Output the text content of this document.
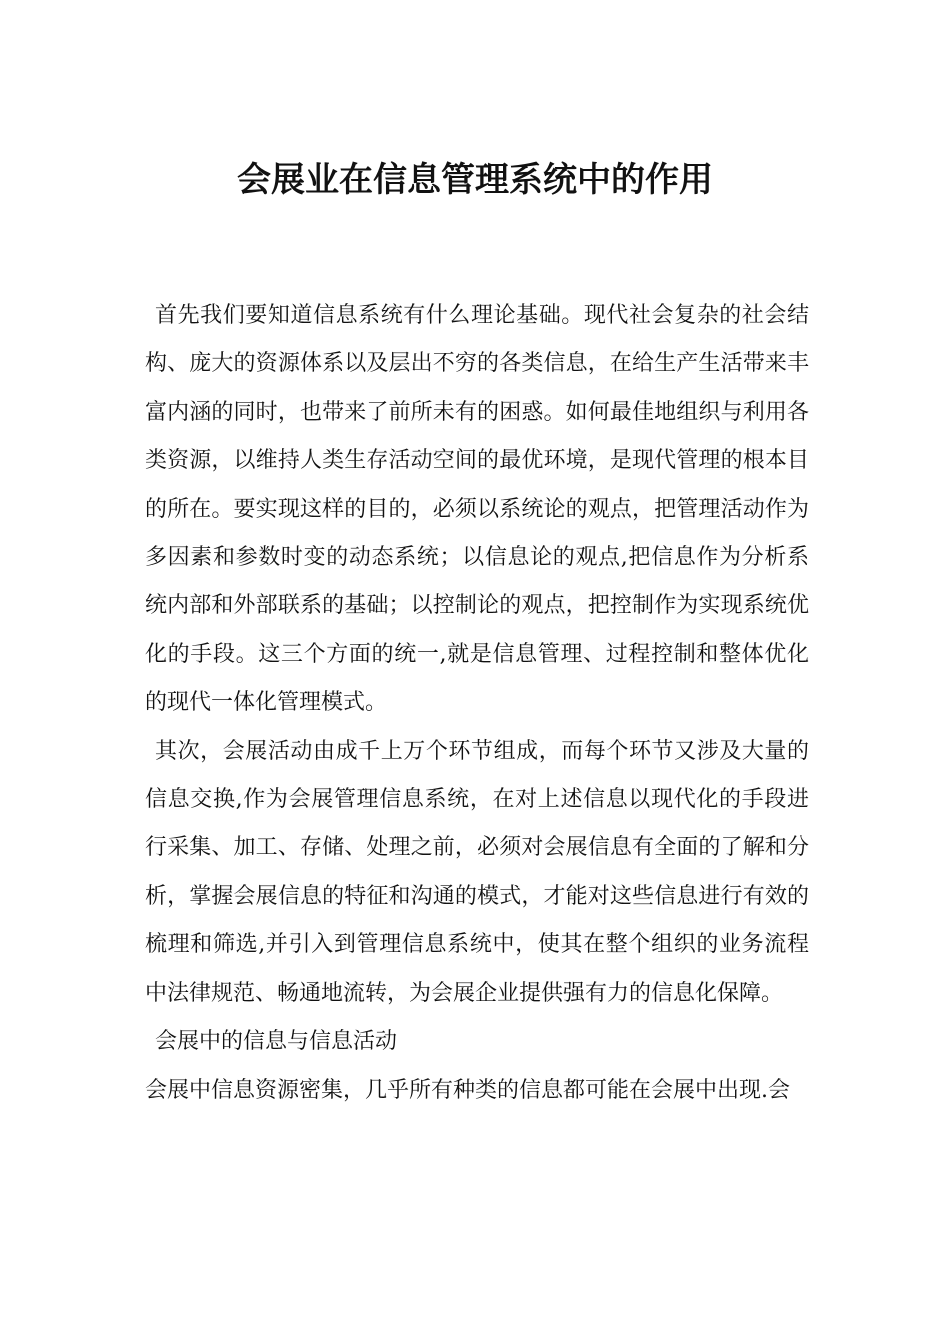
会展业在信息管理系统中的作用

首先我们要知道信息系统有什么理论基础。现代社会复杂的社会结构、庞大的资源体系以及层出不穷的各类信息，在给生产生活带来丰富内涵的同时，也带来了前所未有的困惑。如何最佳地组织与利用各类资源，以维持人类生存活动空间的最优环境，是现代管理的根本目的所在。要实现这样的目的，必须以系统论的观点，把管理活动作为多因素和参数时变的动态系统；以信息论的观点,把信息作为分析系统内部和外部联系的基础；以控制论的观点，把控制作为实现系统优化的手段。这三个方面的统一,就是信息管理、过程控制和整体优化的现代一体化管理模式。

其次，会展活动由成千上万个环节组成，而每个环节又涉及大量的信息交换,作为会展管理信息系统，在对上述信息以现代化的手段进行采集、加工、存储、处理之前，必须对会展信息有全面的了解和分析，掌握会展信息的特征和沟通的模式，才能对这些信息进行有效的梳理和筛选,并引入到管理信息系统中，使其在整个组织的业务流程中法律规范、畅通地流转，为会展企业提供强有力的信息化保障。

会展中的信息与信息活动

会展中信息资源密集，几乎所有种类的信息都可能在会展中出现.会
